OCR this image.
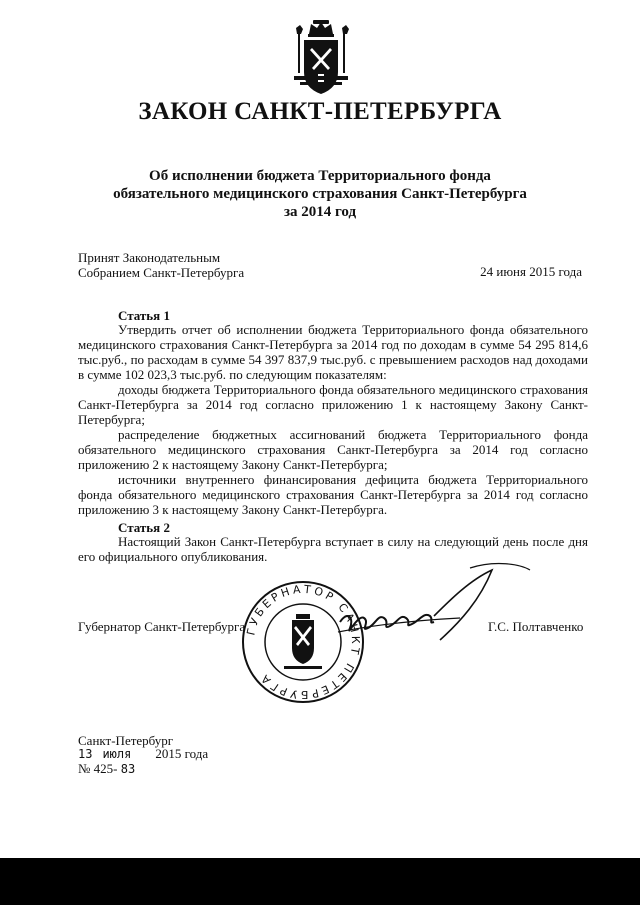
ЗАКОН САНКТ-ПЕТЕРБУРГА
Об исполнении бюджета Территориального фонда
обязательного медицинского страхования Санкт-Петербурга
за 2014 год
Принят Законодательным
Собранием Санкт-Петербурга	24 июня 2015 года
Статья 1

Утвердить отчет об исполнении бюджета Территориального фонда обязательного медицинского страхования Санкт-Петербурга за 2014 год по доходам в сумме 54 295 814,6 тыс.руб., по расходам в сумме 54 397 837,9 тыс.руб. с превышением расходов над доходами в сумме 102 023,3 тыс.руб. по следующим показателям:

доходы бюджета Территориального фонда обязательного медицинского страхования Санкт-Петербурга за 2014 год согласно приложению 1 к настоящему Закону Санкт-Петербурга;

распределение бюджетных ассигнований бюджета Территориального фонда обязательного медицинского страхования Санкт-Петербурга за 2014 год согласно приложению 2 к настоящему Закону Санкт-Петербурга;

источники внутреннего финансирования дефицита бюджета Территориального фонда обязательного медицинского страхования Санкт-Петербурга за 2014 год согласно приложению 3 к настоящему Закону Санкт-Петербурга.

Статья 2

Настоящий Закон Санкт-Петербурга вступает в силу на следующий день после дня его официального опубликования.

ГУБЕРНАТОР САНКТ ПЕТЕРБУРГА
Губернатор Санкт-Петербурга	Г.С. Полтавченко
Санкт-Петербург
13 июля 2015 года
№ 425- 83
